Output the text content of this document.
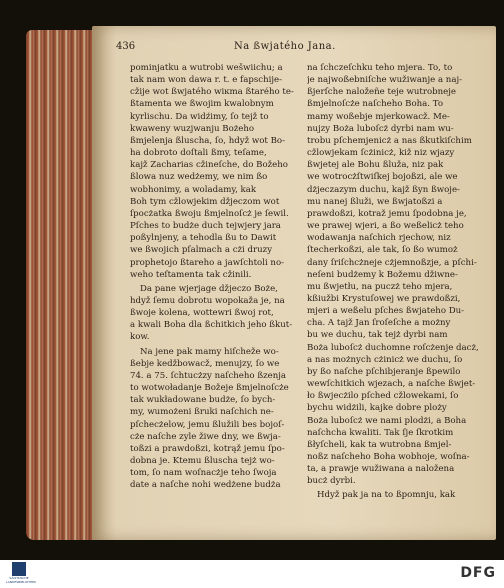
436	Na ßwjatého Jana.

pominjatku a wutrobi wešwiichu; a
tak nam won dawa r. t. e fapschije-
cžije wot ßwjatého wiĸma ßtarého te-
ßtamenta we ßwojim kwalobnym
kyrlischu. Da widźimy, ſo tejž to
kwaweny wuzjwanju Bożeho
ßmjelenja ßluscha, ſo, hdyž wot Bo-
ha dobroto doſtali ßmy, teſame,
kajž Zacharias cžineſche, do Božeho
ßlowa nuz wedżemy, we nim ßo
wobhonimy, a woladamy, kak
Boh tym cžlowjekim džjeczom wot
ſpocżatka ßwoju ßmjelnoſcż je ſewil.
Pſches to budże duch tejwjery jara
poßylnjeny, a tehodla ßu to Dawit
we ßwojich pſalmach a cżi druzy
prophetojo ßtareho a jawſchtoli no-
weho teſtamenta tak cžinili.

Da pane wjerjage džjeczo Boże,
hdyž ſemu dobrotu wopokaža je, na
ßwoje kolena, wottewri ßwoj rot,
a kwali Boha dla ßchitkich jeho ßkut-
kow.

Na jene pak mamy hiſcheže wo-
ßebje kedžbowacž, menujzy, ſo we
74. a 75. ſchtucżzy naſcheho ßzenja
to wotwoładanje Božeje ßmjelnoſcże
tak wukładowane budże, ſo bych-
my, wumożeni ßruki naſchich ne-
pſchecżelow, jemu ßlužili bes bojoſ-
cże naſche zyle žiwe dny, we ßwja-
toßzi a prawdoßzi, kotrąž jemu ſpo-
dobna je. Ktemu ßluscha tejż wo-
tom, ſo nam woſnacżje teho ſwoja
date a naſche nohi wedżene budża

na ſchczeſchku teho mjera. To, to
je najwoßebniſche wužiwanje a naj-
ßjerſche naložeñe teje wutrobneje
ßmjelnoſcże naſcheho Boha. To
mamy woßebje mjerkowacž. Me-
nujzy Boża luboſcż dyrbi nam wu-
trobu pſchemjenicż a nas ßkutkiſchim
cžlowjekam ſcżinicż, kiž niz wjazy
ßwjetej ale Bohu ßluža, niz pak
we wotrocżſtwiſkej bojoßzi, ale we
dżjeczazym duchu, kajž ßyn ßwoje-
mu nanej ßluži, we ßwjatoßzi a
prawdoßzi, kotraž jemu ſpodobna je,
we prawej wjeri, a ßo weßelicż teho
wodawanja naſchich rjechow, niz
ſtecherkoßzi, ale tak, ſo ßo wumoż
dany ſriſchcżneje cżjemnoßzje, a pſchi-
neſeni budżemy k Božemu džiwne-
mu ßwjetłu, na puczż teho mjera,
kßiužbi Krystuſowej we prawdoßzi,
mjeri a weßelu pſches ßwjateho Du-
cha. A tajž Jan ſroſeſche a możny
bu we duchu, tak tejż dyrbi nam
Boża luboſcż duchomne roſcżenje dacż,
a nas możnych cżinicż we duchu, ſo
by ßo naſche pſchibjeranje ßpewilo
wewſchitkich wjezach, a naſche ßwjet-
ło ßwjecżilo pſched cžlowekami, ſo
bychu widżili, kajke dobre ploży
Boża luboſcż we nami plodżi, a Boha
naſchcha kwaliti. Tak ſje ſkrotkim
ßłyſcheli, kak ta wutrobna ßmjel-
noßz naſcheho Boha wobhoje, woſna-
ta, a prawje wužiwana a naložena
bucż dyrbi.

Hdyž pak ja na to ßpomnju, kak

SÄCHSISCHE LANDESBIBLIOTHEK
DFG
